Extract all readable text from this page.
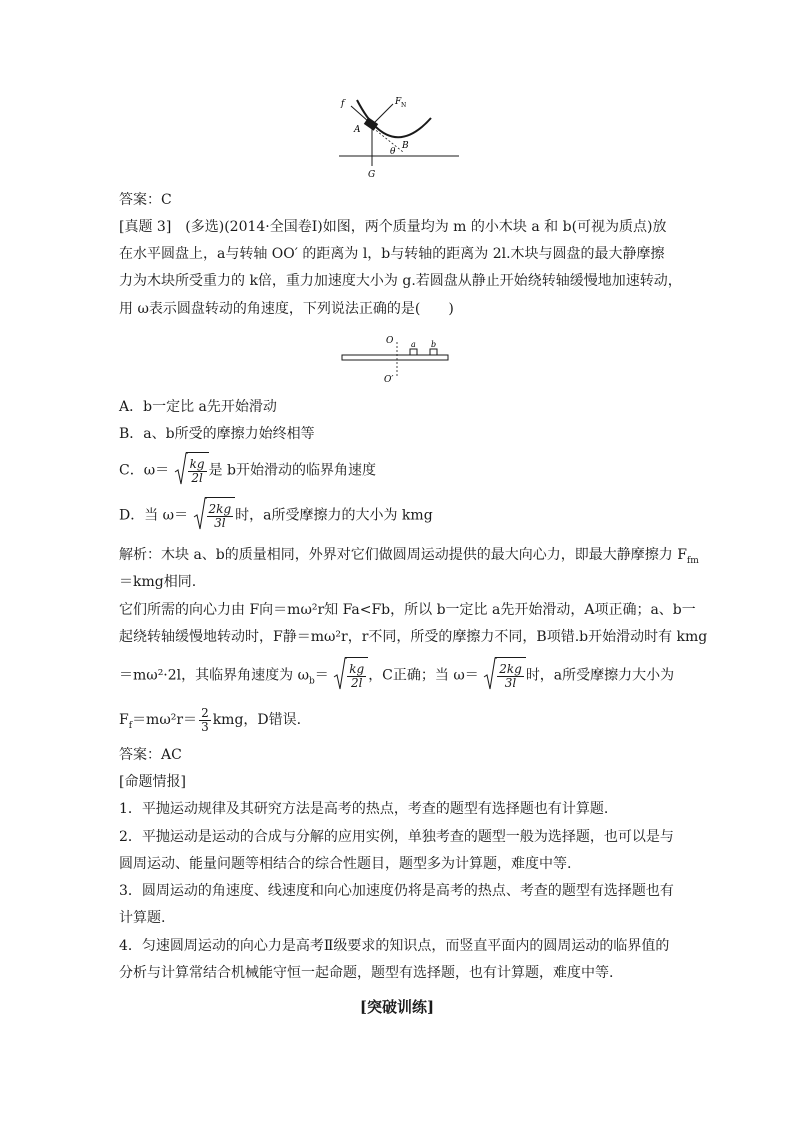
f	F N
A
B
θ
G
答案：C
[真题 3]　(多选)(2014·全国卷Ⅰ)如图，两个质量均为 m 的小木块 a 和 b(可视为质点)放
在水平圆盘上，a与转轴 OO′ 的距离为 l，b与转轴的距离为 2l.木块与圆盘的最大静摩擦
力为木块所受重力的 k倍，重力加速度大小为 g.若圆盘从静止开始绕转轴缓慢地加速转动，
用 ω表示圆盘转动的角速度，下列说法正确的是(　　)
O
O′
a b
A．b一定比 a先开始滑动
B．a、b所受的摩擦力始终相等
C．$\omega= \frac{kg}{2l}$ 是 b开始滑动的临界角速度
D．当 $\omega= \frac{2kg}{3l}$ 时，a所受摩擦力的大小为 kmg
解析：木块 a、b的质量相同，外界对它们做圆周运动提供的最大向心力，即最大静摩擦力 $F_{fm}$
＝kmg相同.
它们所需的向心力由 F向＝mω²r知 Fa<Fb，所以 b一定比 a先开始滑动，A项正确；a、b一
起绕转轴缓慢地转动时，F静＝mω²r，r不同，所受的摩擦力不同，B项错.b开始滑动时有 kmg
＝mω²·2l，其临界角速度为 $\omega_b= \frac{kg}{2l}$ ，C正确；当 $\omega= \frac{2kg}{3l}$ 时，a所受摩擦力大小为
$F_f=m\omega^2r= \frac{2}{3}$ kmg，D错误.
答案：AC
[命题情报]
1．平抛运动规律及其研究方法是高考的热点，考查的题型有选择题也有计算题.
2．平抛运动是运动的合成与分解的应用实例，单独考查的题型一般为选择题，也可以是与
圆周运动、能量问题等相结合的综合性题目，题型多为计算题，难度中等.
3．圆周运动的角速度、线速度和向心加速度仍将是高考的热点、考查的题型有选择题也有
计算题.
4．匀速圆周运动的向心力是高考Ⅱ级要求的知识点，而竖直平面内的圆周运动的临界值的
分析与计算常结合机械能守恒一起命题，题型有选择题，也有计算题，难度中等.
[突破训练]
